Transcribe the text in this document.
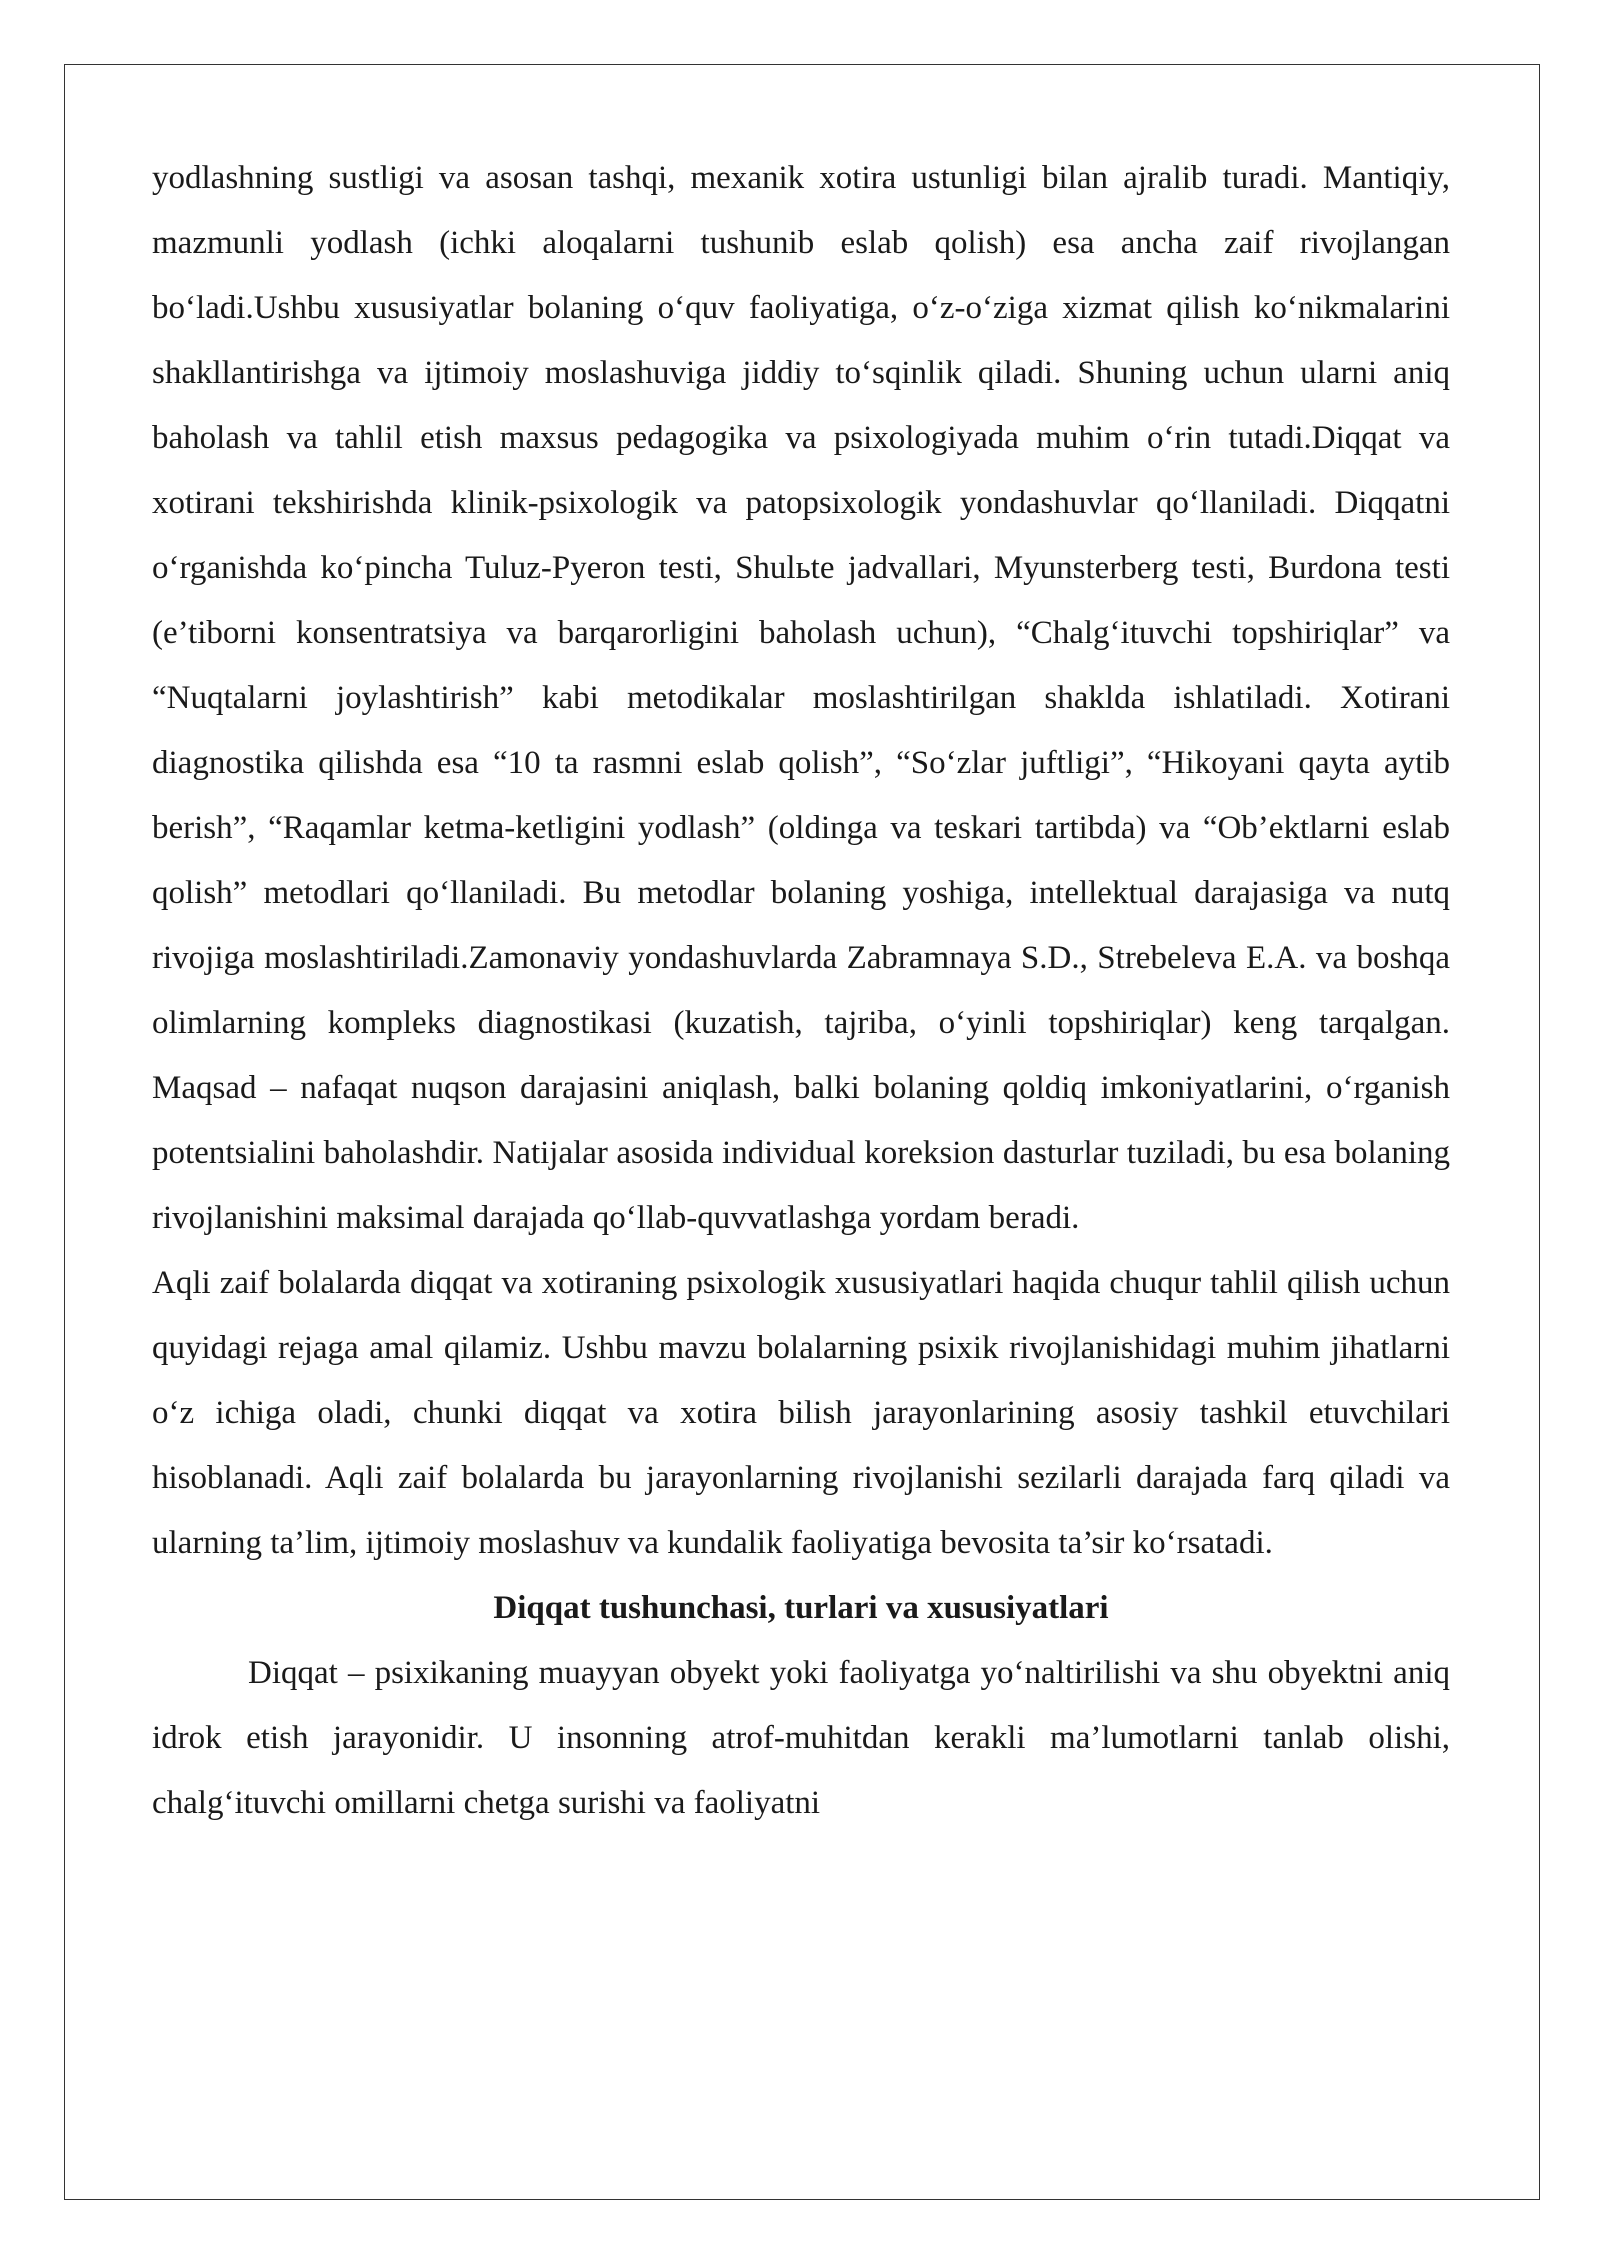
yodlashning sustligi va asosan tashqi, mexanik xotira ustunligi bilan ajralib turadi. Mantiqiy, mazmunli yodlash (ichki aloqalarni tushunib eslab qolish) esa ancha zaif rivojlangan bo‘ladi.Ushbu xususiyatlar bolaning o‘quv faoliyatiga, o‘z-o‘ziga xizmat qilish ko‘nikmalarini shakllantirishga va ijtimoiy moslashuviga jiddiy to‘sqinlik qiladi. Shuning uchun ularni aniq baholash va tahlil etish maxsus pedagogika va psixologiyada muhim o‘rin tutadi.Diqqat va xotirani tekshirishda klinik-psixologik va patopsixologik yondashuvlar qo‘llaniladi. Diqqatni o‘rganishda ko‘pincha Tuluz-Pyeron testi, Shulьte jadvallari, Myunsterberg testi, Burdona testi (e’tiborni konsentratsiya va barqarorligini baholash uchun), “Chalg‘ituvchi topshiriqlar” va “Nuqtalarni joylashtirish” kabi metodikalar moslashtirilgan shaklda ishlatiladi. Xotirani diagnostika qilishda esa “10 ta rasmni eslab qolish”, “So‘zlar juftligi”, “Hikoyani qayta aytib berish”, “Raqamlar ketma-ketligini yodlash” (oldinga va teskari tartibda) va “Ob’ektlarni eslab qolish” metodlari qo‘llaniladi. Bu metodlar bolaning yoshiga, intellektual darajasiga va nutq rivojiga moslashtiriladi.Zamonaviy yondashuvlarda Zabramnaya S.D., Strebeleva E.A. va boshqa olimlarning kompleks diagnostikasi (kuzatish, tajriba, o‘yinli topshiriqlar) keng tarqalgan. Maqsad – nafaqat nuqson darajasini aniqlash, balki bolaning qoldiq imkoniyatlarini, o‘rganish potentsialini baholashdir. Natijalar asosida individual koreksion dasturlar tuziladi, bu esa bolaning rivojlanishini maksimal darajada qo‘llab-quvvatlashga yordam beradi.

Aqli zaif bolalarda diqqat va xotiraning psixologik xususiyatlari haqida chuqur tahlil qilish uchun quyidagi rejaga amal qilamiz. Ushbu mavzu bolalarning psixik rivojlanishidagi muhim jihatlarni o‘z ichiga oladi, chunki diqqat va xotira bilish jarayonlarining asosiy tashkil etuvchilari hisoblanadi. Aqli zaif bolalarda bu jarayonlarning rivojlanishi sezilarli darajada farq qiladi va ularning ta’lim, ijtimoiy moslashuv va kundalik faoliyatiga bevosita ta’sir ko‘rsatadi.

Diqqat tushunchasi, turlari va xususiyatlari

Diqqat – psixikaning muayyan obyekt yoki faoliyatga yo‘naltirilishi va shu obyektni aniq idrok etish jarayonidir. U insonning atrof-muhitdan kerakli ma’lumotlarni tanlab olishi, chalg‘ituvchi omillarni chetga surishi va faoliyatni
